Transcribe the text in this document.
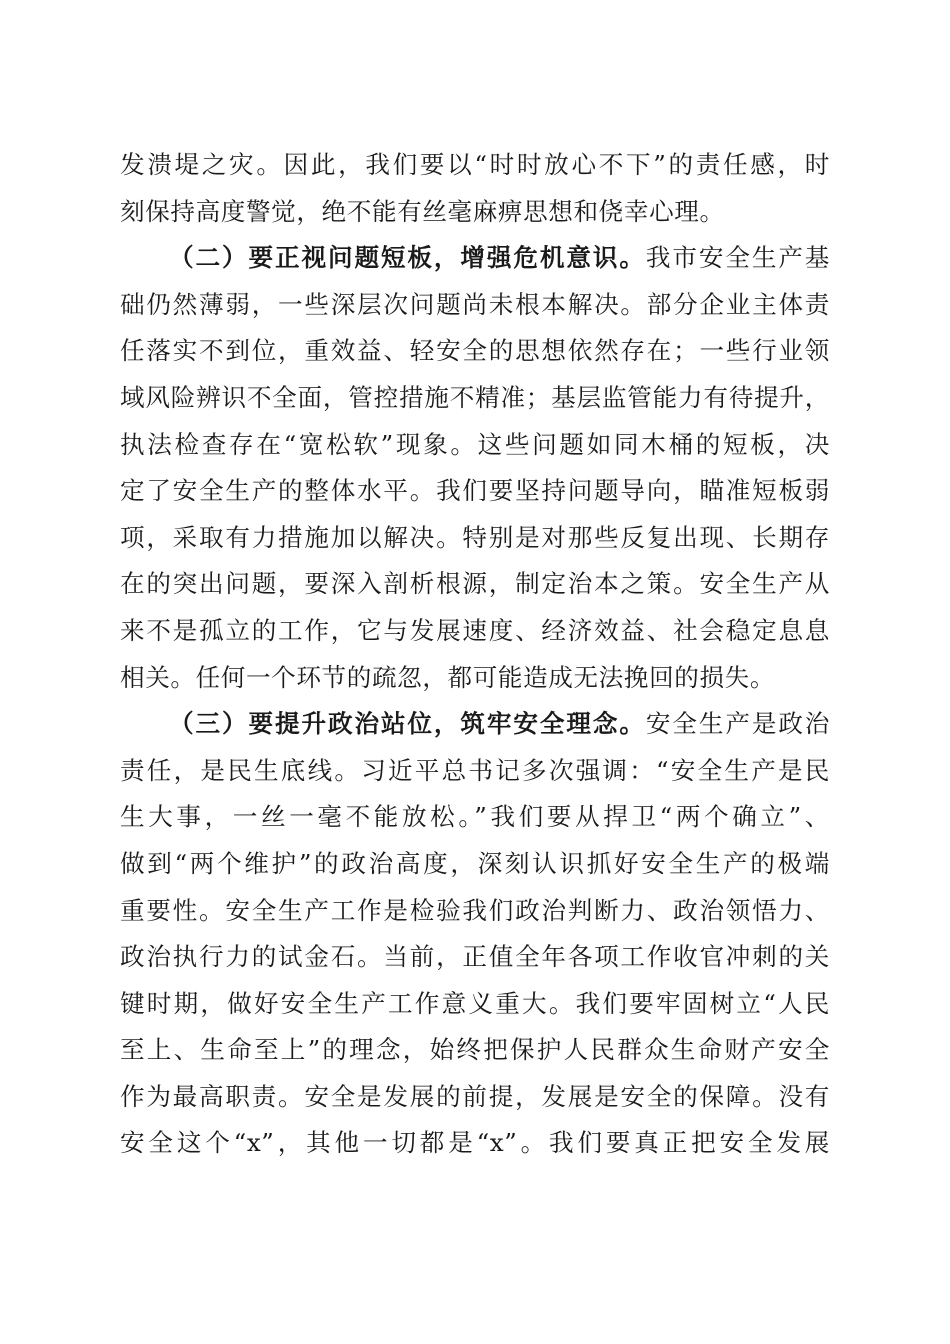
发溃堤之灾。因此，我们要以“时时放心不下”的责任感，时
刻保持高度警觉，绝不能有丝毫麻痹思想和侥幸心理。
（二）要正视问题短板，增强危机意识。我市安全生产基
础仍然薄弱，一些深层次问题尚未根本解决。部分企业主体责
任落实不到位，重效益、轻安全的思想依然存在；一些行业领
域风险辨识不全面，管控措施不精准；基层监管能力有待提升，
执法检查存在“宽松软”现象。这些问题如同木桶的短板，决
定了安全生产的整体水平。我们要坚持问题导向，瞄准短板弱
项，采取有力措施加以解决。特别是对那些反复出现、长期存
在的突出问题，要深入剖析根源，制定治本之策。安全生产从
来不是孤立的工作，它与发展速度、经济效益、社会稳定息息
相关。任何一个环节的疏忽，都可能造成无法挽回的损失。
（三）要提升政治站位，筑牢安全理念。安全生产是政治
责任，是民生底线。习近平总书记多次强调：“安全生产是民
生大事，一丝一毫不能放松。”我们要从捍卫“两个确立”、
做到“两个维护”的政治高度，深刻认识抓好安全生产的极端
重要性。安全生产工作是检验我们政治判断力、政治领悟力、
政治执行力的试金石。当前，正值全年各项工作收官冲刺的关
键时期，做好安全生产工作意义重大。我们要牢固树立“人民
至上、生命至上”的理念，始终把保护人民群众生命财产安全
作为最高职责。安全是发展的前提，发展是安全的保障。没有
安全这个“x”，其他一切都是“x”。我们要真正把安全发展
